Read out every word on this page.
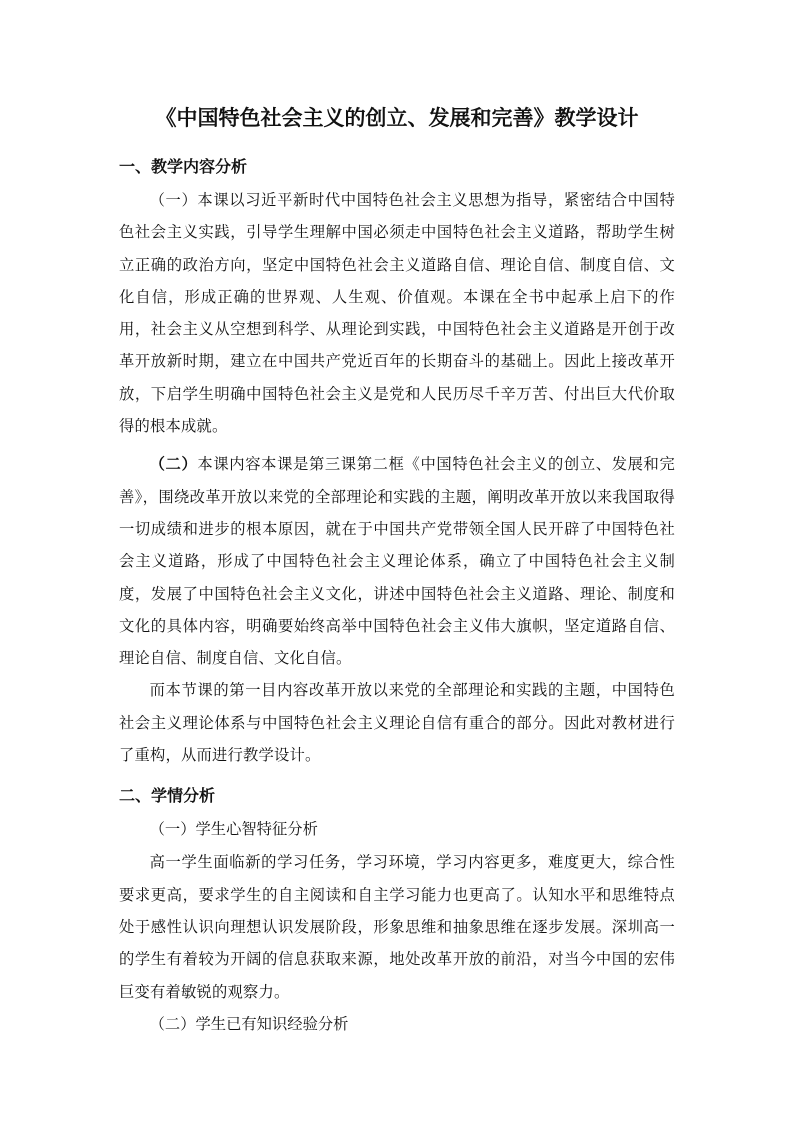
《中国特色社会主义的创立、发展和完善》教学设计
一、教学内容分析

（一）本课以习近平新时代中国特色社会主义思想为指导，紧密结合中国特色社会主义实践，引导学生理解中国必须走中国特色社会主义道路，帮助学生树立正确的政治方向，坚定中国特色社会主义道路自信、理论自信、制度自信、文化自信，形成正确的世界观、人生观、价值观。本课在全书中起承上启下的作用，社会主义从空想到科学、从理论到实践，中国特色社会主义道路是开创于改革开放新时期，建立在中国共产党近百年的长期奋斗的基础上。因此上接改革开放，下启学生明确中国特色社会主义是党和人民历尽千辛万苦、付出巨大代价取得的根本成就。

（二）本课内容本课是第三课第二框《中国特色社会主义的创立、发展和完善》，围绕改革开放以来党的全部理论和实践的主题，阐明改革开放以来我国取得一切成绩和进步的根本原因，就在于中国共产党带领全国人民开辟了中国特色社会主义道路，形成了中国特色社会主义理论体系，确立了中国特色社会主义制度，发展了中国特色社会主义文化，讲述中国特色社会主义道路、理论、制度和文化的具体内容，明确要始终高举中国特色社会主义伟大旗帜，坚定道路自信、理论自信、制度自信、文化自信。

而本节课的第一目内容改革开放以来党的全部理论和实践的主题，中国特色社会主义理论体系与中国特色社会主义理论自信有重合的部分。因此对教材进行了重构，从而进行教学设计。

二、学情分析

（一）学生心智特征分析

高一学生面临新的学习任务，学习环境，学习内容更多，难度更大，综合性要求更高，要求学生的自主阅读和自主学习能力也更高了。认知水平和思维特点处于感性认识向理想认识发展阶段，形象思维和抽象思维在逐步发展。深圳高一的学生有着较为开阔的信息获取来源，地处改革开放的前沿，对当今中国的宏伟巨变有着敏锐的观察力。

（二）学生已有知识经验分析
